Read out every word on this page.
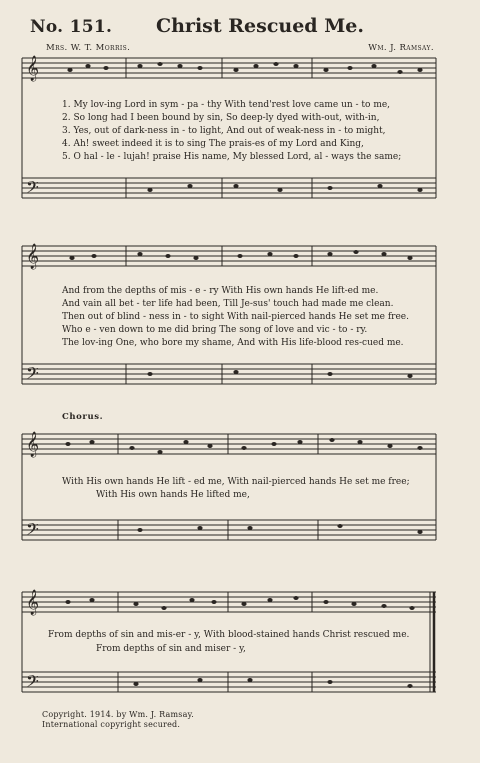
No. 151. Christ Rescued Me.
Mrs. W. T. Morris.	Wm. J. Ramsay.
𝄞
𝄢
𝄞
𝄢
𝄞
𝄢
𝄞
𝄢
1. My lov-ing Lord in sym - pa - thy With tend'rest love came un - to me,
2. So long had I been bound by sin, So deep-ly dyed with-out, with-in,
3. Yes, out of dark-ness in - to light, And out of weak-ness in - to might,
4. Ah! sweet indeed it is to sing The prais-es of my Lord and King,
5. O hal - le - lujah! praise His name, My blessed Lord, al - ways the same;
And from the depths of mis - e - ry With His own hands He lift-ed me.
And vain all bet - ter life had been, Till Je-sus' touch had made me clean.
Then out of blind - ness in - to sight With nail-pierced hands He set me free.
Who e - ven down to me did bring The song of love and vic - to - ry.
The lov-ing One, who bore my shame, And with His life-blood res-cued me.
Chorus.
With His own hands He lift - ed me, With nail-pierced hands He set me free;
With His own hands He lifted me,
From depths of sin and mis-er - y, With blood-stained hands Christ rescued me.
From depths of sin and miser - y,
Copyright. 1914. by Wm. J. Ramsay.
International copyright secured.
